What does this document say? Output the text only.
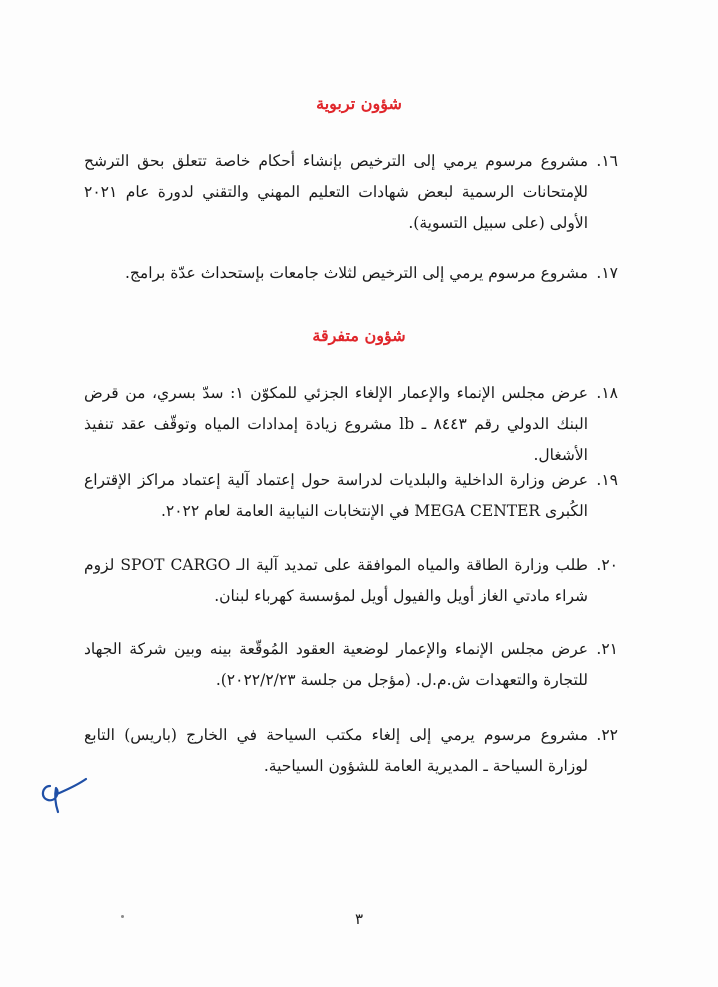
شؤون تربوية
١٦.
مشروع مرسوم يرمي إلى الترخيص بإنشاء أحكام خاصة تتعلق بحق الترشح للإمتحانات الرسمية لبعض شهادات التعليم المهني والتقني لدورة عام ٢٠٢١ الأولى (على سبيل التسوية).
١٧.
مشروع مرسوم يرمي إلى الترخيص لثلاث جامعات بإستحداث عدّة برامج.
شؤون متفرقة
١٨.
عرض مجلس الإنماء والإعمار الإلغاء الجزئي للمكوّن ١: سدّ بسري، من قرض البنك الدولي رقم ٨٤٤٣ ـ lb مشروع زيادة إمدادات المياه وتوقّف عقد تنفيذ الأشغال.
١٩.
عرض وزارة الداخلية والبلديات لدراسة حول إعتماد آلية إعتماد مراكز الإقتراع الكُبرى MEGA CENTER في الإنتخابات النيابية العامة لعام ٢٠٢٢.
٢٠.
طلب وزارة الطاقة والمياه الموافقة على تمديد آلية الـ SPOT CARGO لزوم شراء مادتي الغاز أويل والفيول أويل لمؤسسة كهرباء لبنان.
٢١.
عرض مجلس الإنماء والإعمار لوضعية العقود المُوقّعة بينه وبين شركة الجهاد للتجارة والتعهدات ش.م.ل. (مؤجل من جلسة ٢٠٢٢/٢/٢٣).
٢٢.
مشروع مرسوم يرمي إلى إلغاء مكتب السياحة في الخارج (باريس) التابع لوزارة السياحة ـ المديرية العامة للشؤون السياحية.
٣
